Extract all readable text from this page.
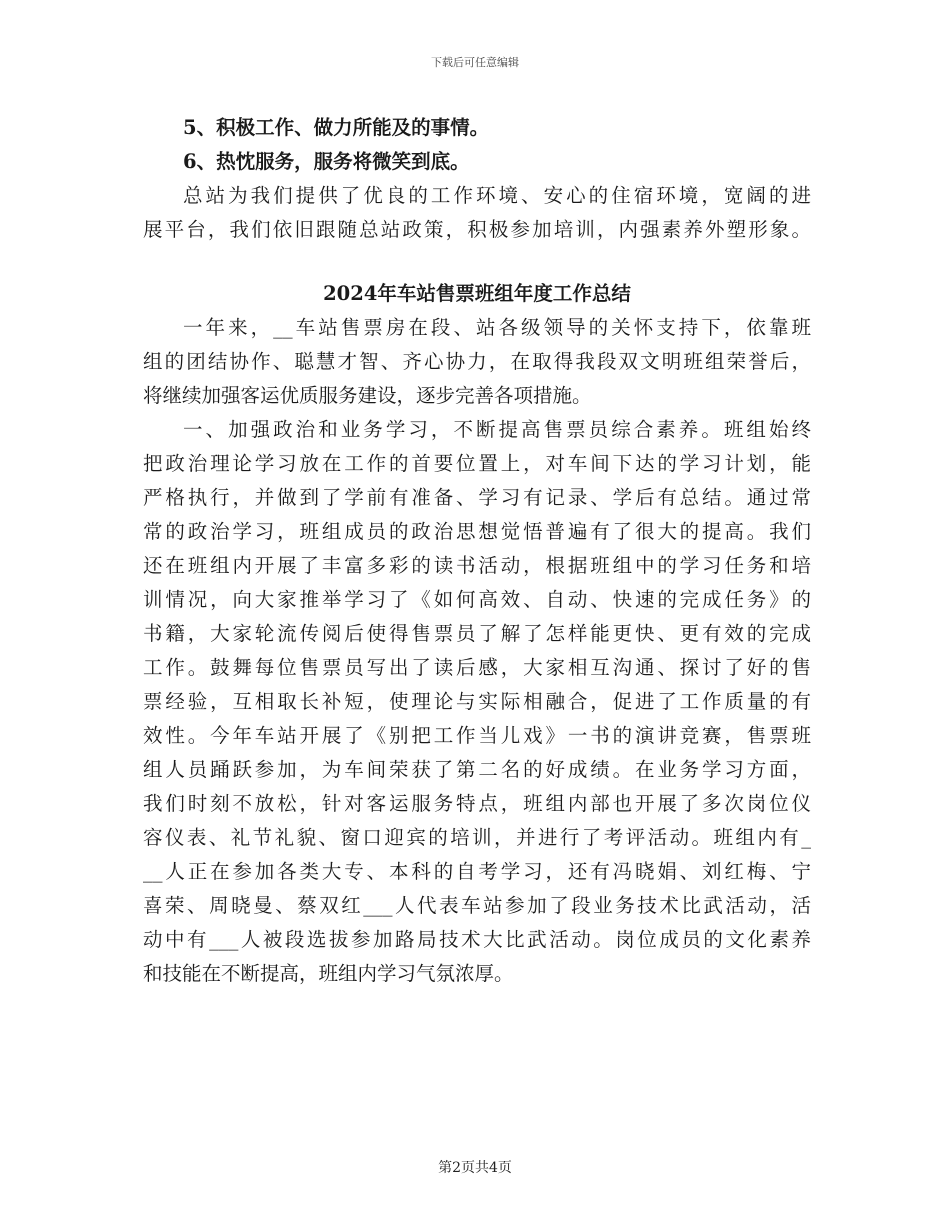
下载后可任意编辑
5、积极工作、做力所能及的事情。
6、热忱服务，服务将微笑到底。
总站为我们提供了优良的工作环境、安心的住宿环境，宽阔的进
展平台，我们依旧跟随总站政策，积极参加培训，内强素养外塑形象。
2024年车站售票班组年度工作总结
一年来，__车站售票房在段、站各级领导的关怀支持下，依靠班
组的团结协作、聪慧才智、齐心协力，在取得我段双文明班组荣誉后，
将继续加强客运优质服务建设，逐步完善各项措施。
一、加强政治和业务学习，不断提高售票员综合素养。班组始终
把政治理论学习放在工作的首要位置上，对车间下达的学习计划，能
严格执行，并做到了学前有准备、学习有记录、学后有总结。通过常
常的政治学习，班组成员的政治思想觉悟普遍有了很大的提高。我们
还在班组内开展了丰富多彩的读书活动，根据班组中的学习任务和培
训情况，向大家推举学习了《如何高效、自动、快速的完成任务》的
书籍，大家轮流传阅后使得售票员了解了怎样能更快、更有效的完成
工作。鼓舞每位售票员写出了读后感，大家相互沟通、探讨了好的售
票经验，互相取长补短，使理论与实际相融合，促进了工作质量的有
效性。今年车站开展了《别把工作当儿戏》一书的演讲竞赛，售票班
组人员踊跃参加，为车间荣获了第二名的好成绩。在业务学习方面，
我们时刻不放松，针对客运服务特点，班组内部也开展了多次岗位仪
容仪表、礼节礼貌、窗口迎宾的培训，并进行了考评活动。班组内有_
__人正在参加各类大专、本科的自考学习，还有冯晓娟、刘红梅、宁
喜荣、周晓曼、蔡双红___人代表车站参加了段业务技术比武活动，活
动中有___人被段选拔参加路局技术大比武活动。岗位成员的文化素养
和技能在不断提高，班组内学习气氛浓厚。
第2页共4页
